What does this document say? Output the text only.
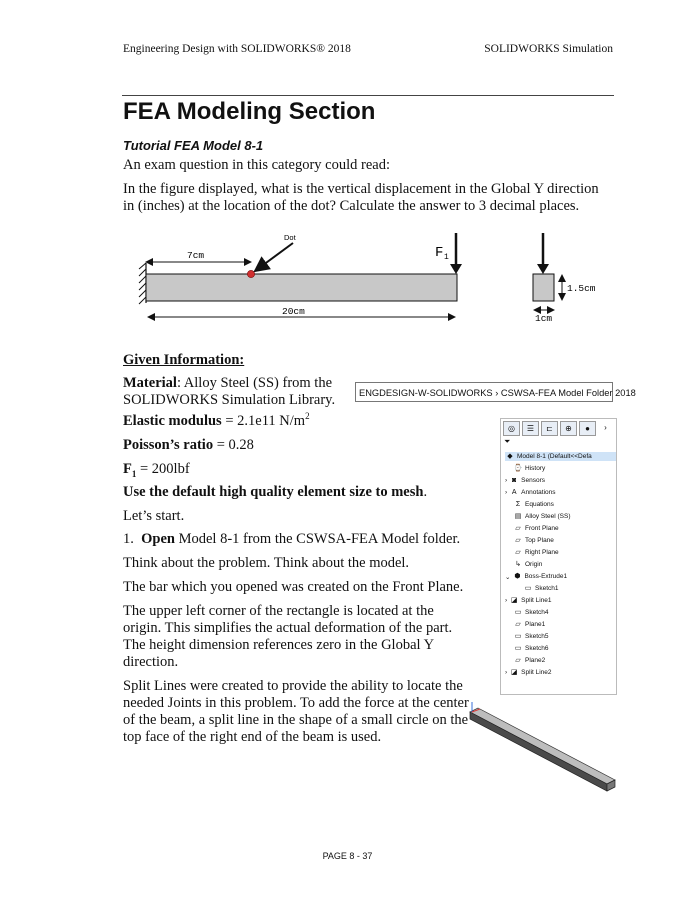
Engineering Design with SOLIDWORKS® 2018	SOLIDWORKS Simulation
FEA Modeling Section
Tutorial FEA Model 8-1
An exam question in this category could read:
In the figure displayed, what is the vertical displacement in the Global Y direction
in (inches) at the location of the dot? Calculate the answer to 3 decimal places.
Dot
7cm
20cm
F 1
1.5cm
1cm
Given Information:
Material: Alloy Steel (SS) from the
SOLIDWORKS Simulation Library.
Elastic modulus = 2.1e11 $N/m^2$
Poisson’s ratio = 0.28
$F_1 = 200lbf$
Use the default high quality element size to mesh.
Let’s start.
1. Open Model 8-1 from the CSWSA-FEA Model folder.
Think about the problem. Think about the model.
The bar which you opened was created on the Front Plane.
The upper left corner of the rectangle is located at the
origin. This simplifies the actual deformation of the part.
The height dimension references zero in the Global Y
direction.
Split Lines were created to provide the ability to locate the
needed Joints in this problem. To add the force at the center
of the beam, a split line in the shape of a small circle on the
top face of the right end of the beam is used.
ENGDESIGN-W-SOLIDWORKS › CSWSA-FEA Model Folder 2018
◎	☰	⊏	⊕	●	›
⏷
◆ Model 8-1 (Default<<Defa
⌚ History
› ◙ Sensors
› A Annotations
Σ Equations
▤ Alloy Steel (SS)
▱ Front Plane
▱ Top Plane
▱ Right Plane
↳ Origin
⌄ ⬢ Boss-Extrude1
▭ Sketch1
› ◪ Split Line1
▭ Sketch4
▱ Plane1
▭ Sketch5
▭ Sketch6
▱ Plane2
› ◪ Split Line2
PAGE 8 - 37
